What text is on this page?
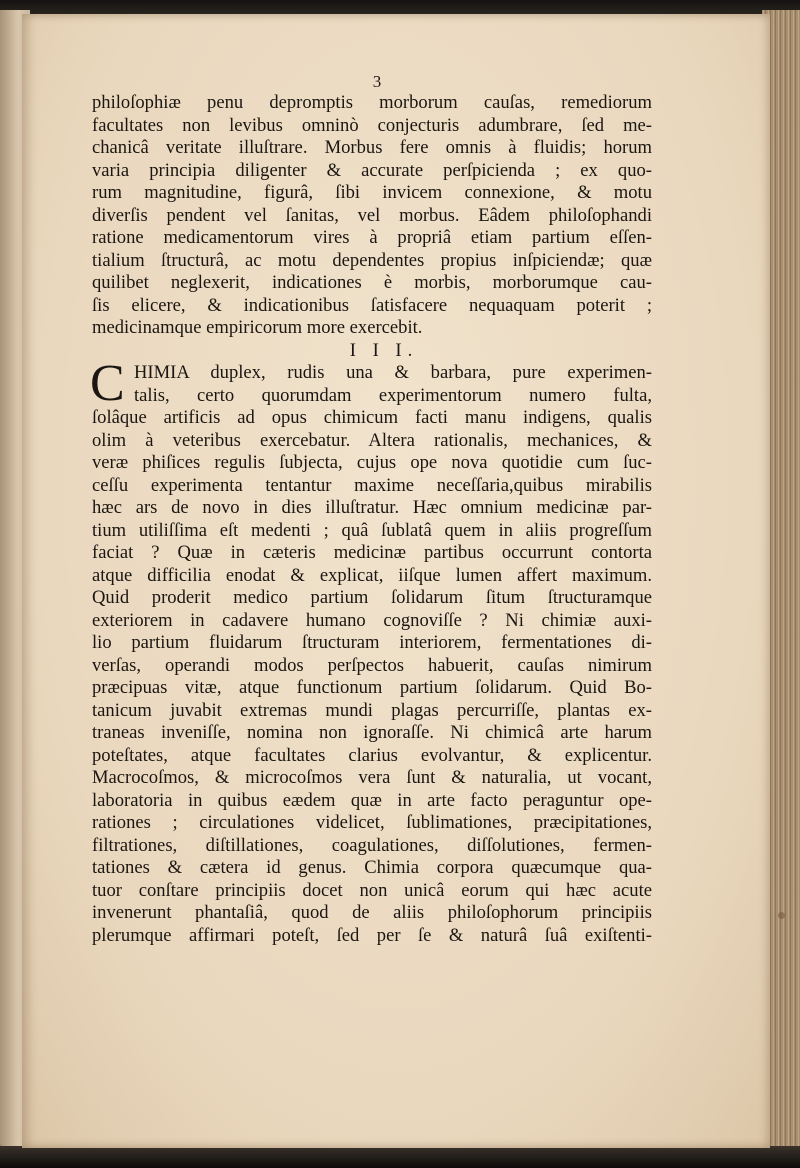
3
philoſophiæ penu depromptis morborum cauſas, remediorum
facultates non levibus omninò conjecturis adumbrare, ſed me-
chanicâ veritate illuſtrare. Morbus fere omnis à fluidis; horum
varia principia diligenter & accurate perſpicienda ; ex quo-
rum magnitudine, figurâ, ſibi invicem connexione, & motu
diverſis pendent vel ſanitas, vel morbus. Eâdem philoſophandi
ratione medicamentorum vires à propriâ etiam partium eſſen-
tialium ſtructurâ, ac motu dependentes propius inſpiciendæ; quæ
quilibet neglexerit, indicationes è morbis, morborumque cau-
ſis elicere, & indicationibus ſatisfacere nequaquam poterit ;
medicinamque empiricorum more exercebit.
I I I.
C HIMIA duplex, rudis una & barbara, pure experimen-
talis, certo quorumdam experimentorum numero fulta,
ſolâque artificis ad opus chimicum facti manu indigens, qualis
olim à veteribus exercebatur. Altera rationalis, mechanices, &
veræ phiſices regulis ſubjecta, cujus ope nova quotidie cum ſuc-
ceſſu experimenta tentantur maxime neceſſaria,quibus mirabilis
hæc ars de novo in dies illuſtratur. Hæc omnium medicinæ par-
tium utiliſſima eſt medenti ; quâ ſublatâ quem in aliis progreſſum
faciat ? Quæ in cæteris medicinæ partibus occurrunt contorta
atque difficilia enodat & explicat, iiſque lumen affert maximum.
Quid proderit medico partium ſolidarum ſitum ſtructuramque
exteriorem in cadavere humano cognoviſſe ? Ni chimiæ auxi-
lio partium fluidarum ſtructuram interiorem, fermentationes di-
verſas, operandi modos perſpectos habuerit, cauſas nimirum
præcipuas vitæ, atque functionum partium ſolidarum. Quid Bo-
tanicum juvabit extremas mundi plagas percurriſſe, plantas ex-
traneas inveniſſe, nomina non ignoraſſe. Ni chimicâ arte harum
poteſtates, atque facultates clarius evolvantur, & explicentur.
Macrocoſmos, & microcoſmos vera ſunt & naturalia, ut vocant,
laboratoria in quibus eædem quæ in arte facto peraguntur ope-
rationes ; circulationes videlicet, ſublimationes, præcipitationes,
filtrationes, diſtillationes, coagulationes, diſſolutiones, fermen-
tationes & cætera id genus. Chimia corpora quæcumque qua-
tuor conſtare principiis docet non unicâ eorum qui hæc acute
invenerunt phantaſiâ, quod de aliis philoſophorum principiis
plerumque affirmari poteſt, ſed per ſe & naturâ ſuâ exiſtenti-
